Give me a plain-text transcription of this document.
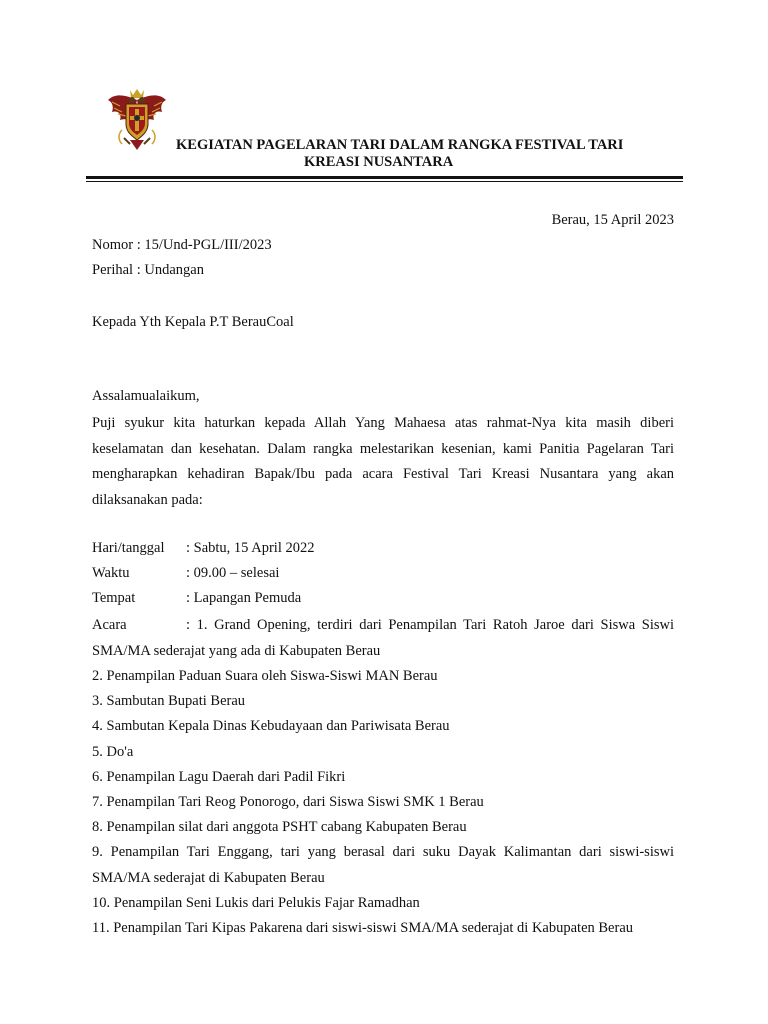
KEGIATAN PAGELARAN TARI DALAM RANGKA FESTIVAL TARI
KREASI NUSANTARA
Berau, 15 April 2023
Nomor : 15/Und-PGL/III/2023
Perihal : Undangan
Kepada Yth Kepala P.T BerauCoal
Assalamualaikum,
Puji syukur kita haturkan kepada Allah Yang Mahaesa atas rahmat-Nya kita masih diberi keselamatan dan kesehatan. Dalam rangka melestarikan kesenian, kami Panitia Pagelaran Tari mengharapkan kehadiran Bapak/Ibu pada acara Festival Tari Kreasi Nusantara yang akan dilaksanakan pada:
Hari/tanggal : Sabtu, 15 April 2022
Waktu	: 09.00 – selesai
Tempat	: Lapangan Pemuda
Acara	: 1. Grand Opening, terdiri dari Penampilan Tari Ratoh Jaroe dari Siswa Siswi SMA/MA sederajat yang ada di Kabupaten Berau
2. Penampilan Paduan Suara oleh Siswa-Siswi MAN Berau
3. Sambutan Bupati Berau
4. Sambutan Kepala Dinas Kebudayaan dan Pariwisata Berau
5. Do'a
6. Penampilan Lagu Daerah dari Padil Fikri
7. Penampilan Tari Reog Ponorogo, dari Siswa Siswi SMK 1 Berau
8. Penampilan silat dari anggota PSHT cabang Kabupaten Berau
9. Penampilan Tari Enggang, tari yang berasal dari suku Dayak Kalimantan dari siswi-siswi SMA/MA sederajat di Kabupaten Berau
10. Penampilan Seni Lukis dari Pelukis Fajar Ramadhan
11. Penampilan Tari Kipas Pakarena dari siswi-siswi SMA/MA sederajat di Kabupaten Berau
